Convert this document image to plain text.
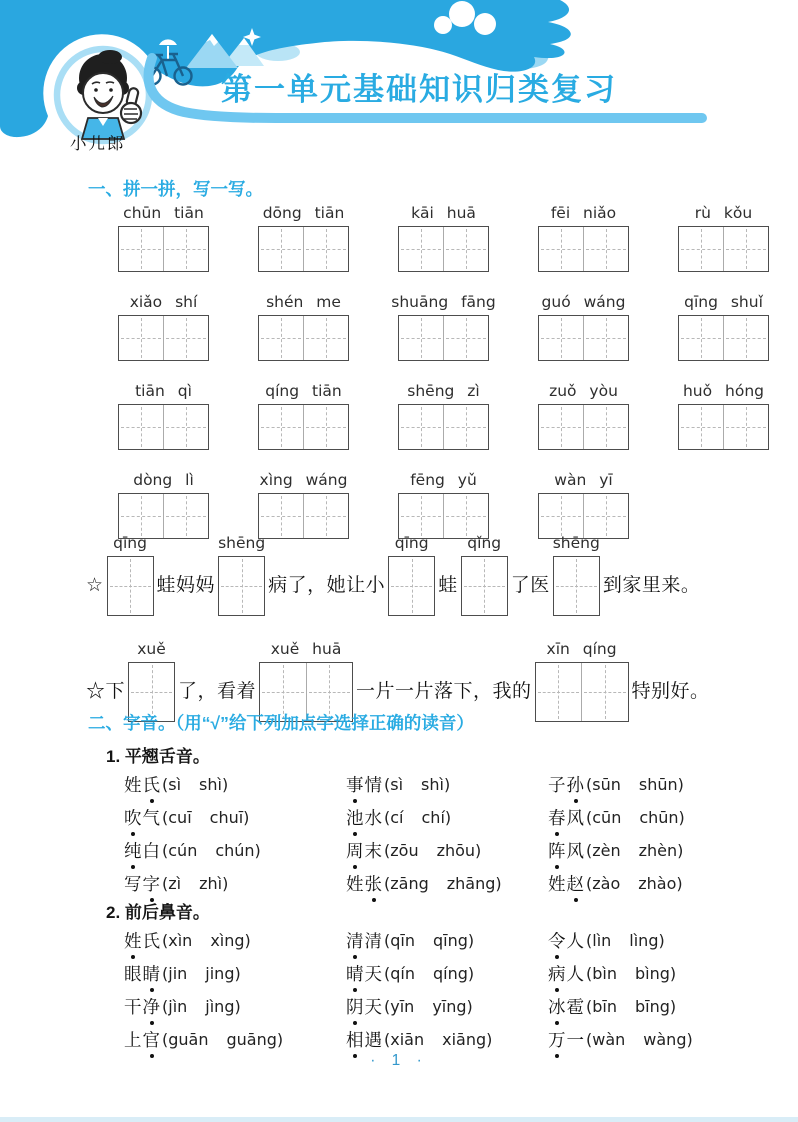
第一单元基础知识归类复习
小儿郎
一、拼一拼，写一写。
chūn tiān	dōng tiān	kāi huā	fēi niǎo	rù kǒu
xiǎo shí	shén me	shuāng fāng	guó wáng	qīng shuǐ
tiān qì	qíng tiān	shēng zì	zuǒ yòu	huǒ hóng
dòng lì	xìng wáng	fēng yǔ	wàn yī
☆
qīng
蛙妈妈
shēng
病了，她让小
qīng
蛙
qǐng
了医
shēng
到家里来。
☆下
xuě
了，看着
xuě huā
一片一片落下，我的
xīn qíng
特别好。
二、字音。（用“√”给下列加点字选择正确的读音）
1. 平翘舌音。
姓氏 (sì shì)	事情 (sì shì)	子孙 (sūn shūn)
吹气 (cuī chuī)	池水 (cí chí)	春风 (cūn chūn)
纯白 (cún chún)	周末 (zōu zhōu)	阵风 (zèn zhèn)
写字 (zì zhì)	姓张 (zāng zhāng)	姓赵 (zào zhào)
2. 前后鼻音。
姓氏 (xìn xìng)	清清 (qīn qīng)	令人 (lìn lìng)
眼睛 (jin jing)	晴天 (qín qíng)	病人 (bìn bìng)
干净 (jìn jìng)	阴天 (yīn yīng)	冰雹 (bīn bīng)
上官 (guān guāng)	相遇 (xiān xiāng)	万一 (wàn wàng)
· 1 ·
